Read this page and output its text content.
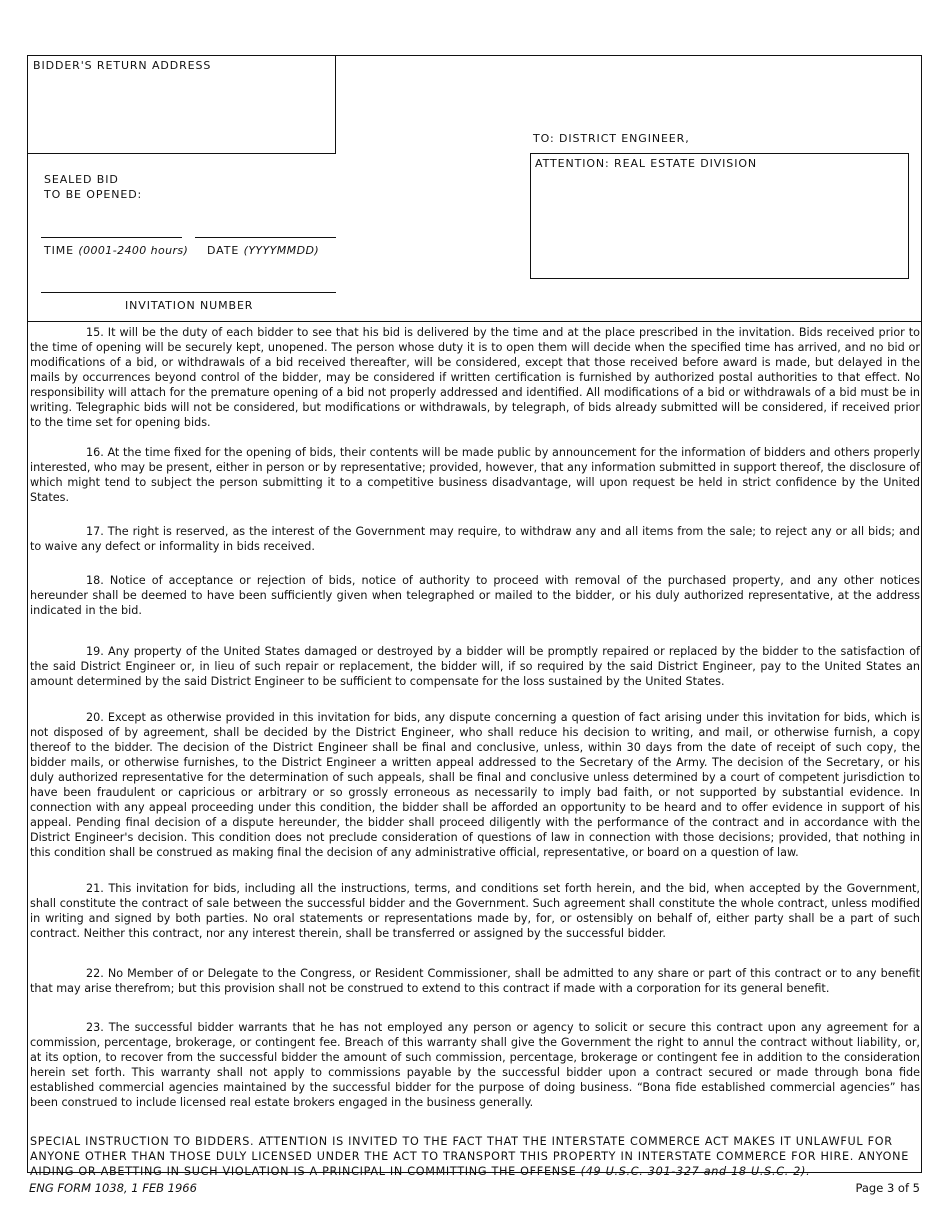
BIDDER'S RETURN ADDRESS
SEALED BID
TO BE OPENED:
TIME (0001-2400 hours) DATE (YYYYMMDD)
INVITATION NUMBER
TO: DISTRICT ENGINEER,
ATTENTION: REAL ESTATE DIVISION

15. It will be the duty of each bidder to see that his bid is delivered by the time and at the place prescribed in the invitation. Bids received prior to the time of opening will be securely kept, unopened. The person whose duty it is to open them will decide when the specified time has arrived, and no bid or modifications of a bid, or withdrawals of a bid received thereafter, will be considered, except that those received before award is made, but delayed in the mails by occurrences beyond control of the bidder, may be considered if written certification is furnished by authorized postal authorities to that effect. No responsibility will attach for the premature opening of a bid not properly addressed and identified. All modifications of a bid or withdrawals of a bid must be in writing. Telegraphic bids will not be considered, but modifications or withdrawals, by telegraph, of bids already submitted will be considered, if received prior to the time set for opening bids.

16. At the time fixed for the opening of bids, their contents will be made public by announcement for the information of bidders and others properly interested, who may be present, either in person or by representative; provided, however, that any information submitted in support thereof, the disclosure of which might tend to subject the person submitting it to a competitive business disadvantage, will upon request be held in strict confidence by the United States.

17. The right is reserved, as the interest of the Government may require, to withdraw any and all items from the sale; to reject any or all bids; and to waive any defect or informality in bids received.

18. Notice of acceptance or rejection of bids, notice of authority to proceed with removal of the purchased property, and any other notices hereunder shall be deemed to have been sufficiently given when telegraphed or mailed to the bidder, or his duly authorized representative, at the address indicated in the bid.

19. Any property of the United States damaged or destroyed by a bidder will be promptly repaired or replaced by the bidder to the satisfaction of the said District Engineer or, in lieu of such repair or replacement, the bidder will, if so required by the said District Engineer, pay to the United States an amount determined by the said District Engineer to be sufficient to compensate for the loss sustained by the United States.

20. Except as otherwise provided in this invitation for bids, any dispute concerning a question of fact arising under this invitation for bids, which is not disposed of by agreement, shall be decided by the District Engineer, who shall reduce his decision to writing, and mail, or otherwise furnish, a copy thereof to the bidder. The decision of the District Engineer shall be final and conclusive, unless, within 30 days from the date of receipt of such copy, the bidder mails, or otherwise furnishes, to the District Engineer a written appeal addressed to the Secretary of the Army. The decision of the Secretary, or his duly authorized representative for the determination of such appeals, shall be final and conclusive unless determined by a court of competent jurisdiction to have been fraudulent or capricious or arbitrary or so grossly erroneous as necessarily to imply bad faith, or not supported by substantial evidence. In connection with any appeal proceeding under this condition, the bidder shall be afforded an opportunity to be heard and to offer evidence in support of his appeal. Pending final decision of a dispute hereunder, the bidder shall proceed diligently with the performance of the contract and in accordance with the District Engineer's decision. This condition does not preclude consideration of questions of law in connection with those decisions; provided, that nothing in this condition shall be construed as making final the decision of any administrative official, representative, or board on a question of law.

21. This invitation for bids, including all the instructions, terms, and conditions set forth herein, and the bid, when accepted by the Government, shall constitute the contract of sale between the successful bidder and the Government. Such agreement shall constitute the whole contract, unless modified in writing and signed by both parties. No oral statements or representations made by, for, or ostensibly on behalf of, either party shall be a part of such contract. Neither this contract, nor any interest therein, shall be transferred or assigned by the successful bidder.

22. No Member of or Delegate to the Congress, or Resident Commissioner, shall be admitted to any share or part of this contract or to any benefit that may arise therefrom; but this provision shall not be construed to extend to this contract if made with a corporation for its general benefit.

23. The successful bidder warrants that he has not employed any person or agency to solicit or secure this contract upon any agreement for a commission, percentage, brokerage, or contingent fee. Breach of this warranty shall give the Government the right to annul the contract without liability, or, at its option, to recover from the successful bidder the amount of such commission, percentage, brokerage or contingent fee in addition to the consideration herein set forth. This warranty shall not apply to commissions payable by the successful bidder upon a contract secured or made through bona fide established commercial agencies maintained by the successful bidder for the purpose of doing business. “Bona fide established commercial agencies” has been construed to include licensed real estate brokers engaged in the business generally.

SPECIAL INSTRUCTION TO BIDDERS. ATTENTION IS INVITED TO THE FACT THAT THE INTERSTATE COMMERCE ACT MAKES IT UNLAWFUL FOR ANYONE OTHER THAN THOSE DULY LICENSED UNDER THE ACT TO TRANSPORT THIS PROPERTY IN INTERSTATE COMMERCE FOR HIRE. ANYONE AIDING OR ABETTING IN SUCH VIOLATION IS A PRINCIPAL IN COMMITTING THE OFFENSE (49 U.S.C. 301-327 and 18 U.S.C. 2).

ENG FORM 1038, 1 FEB 1966	Page 3 of 5
